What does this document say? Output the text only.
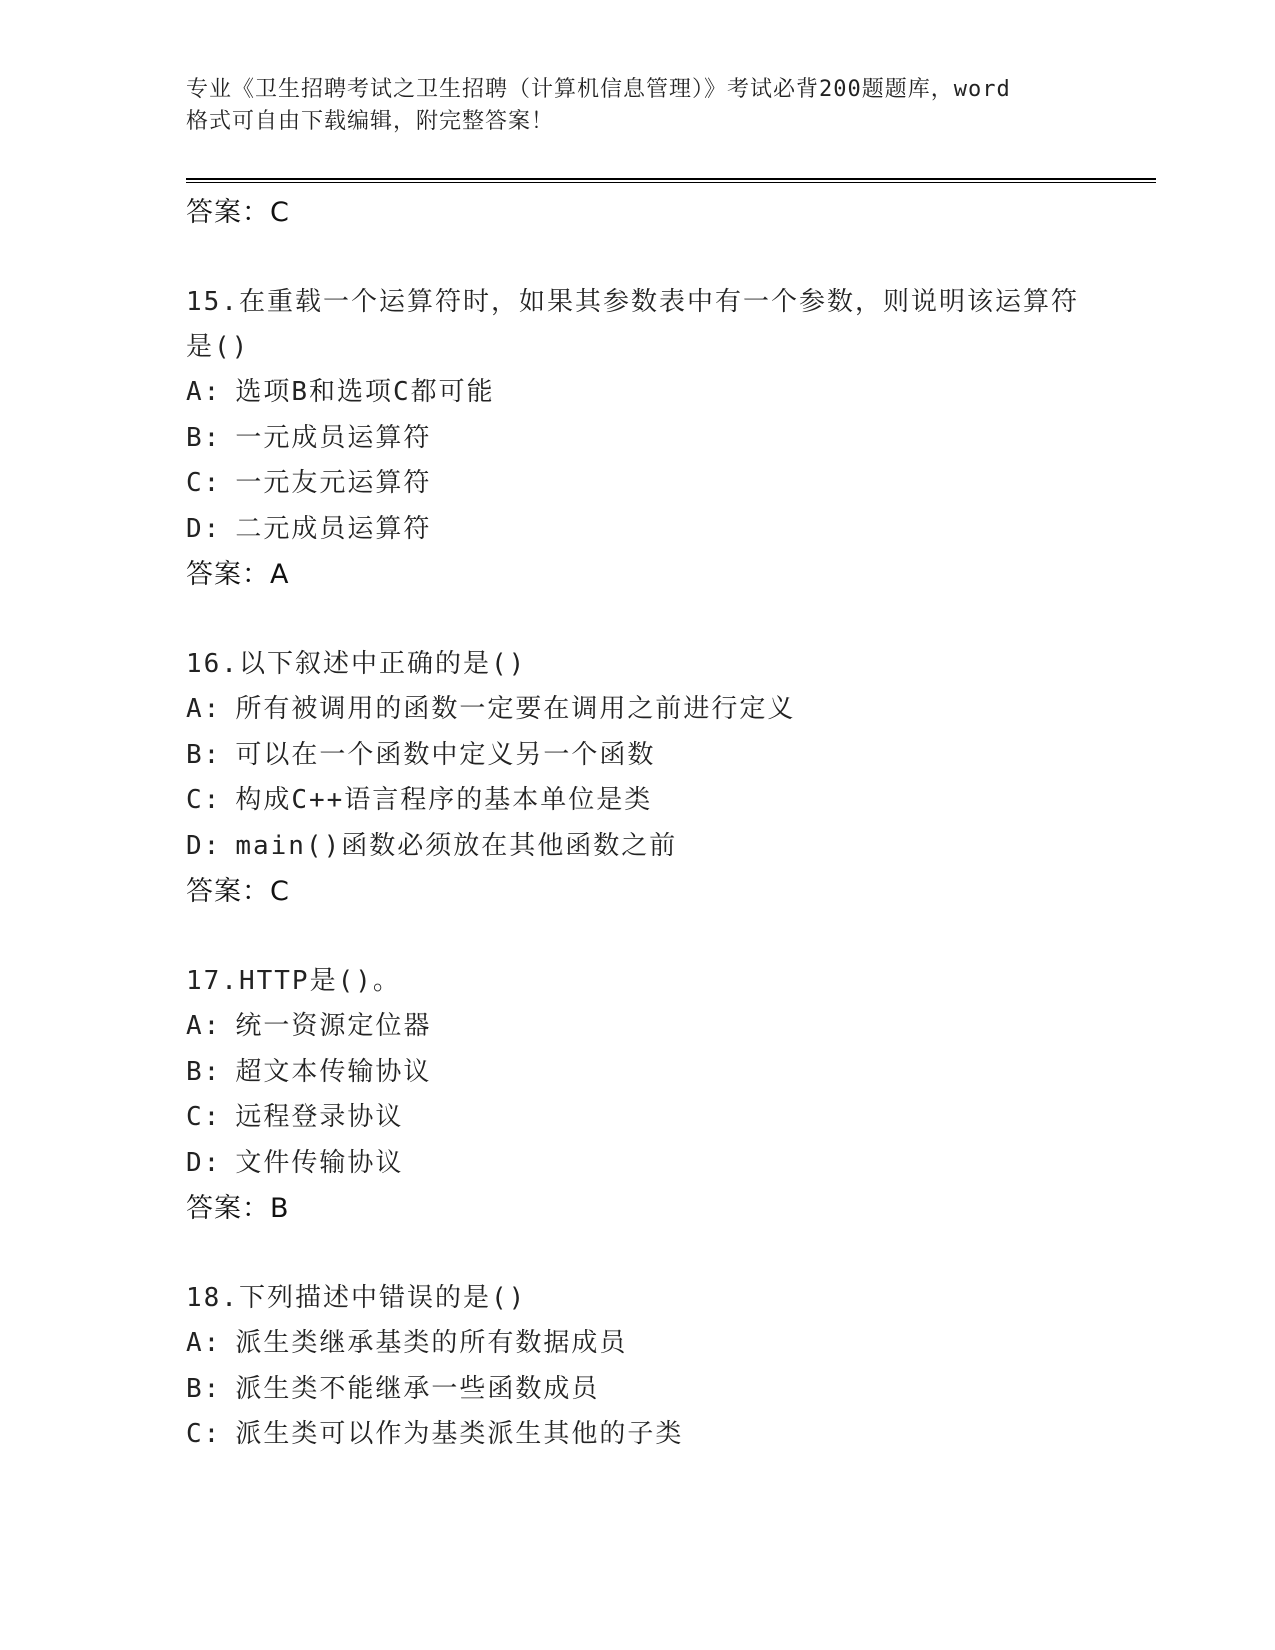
专业《卫生招聘考试之卫生招聘（计算机信息管理）》考试必背200题题库，word
格式可自由下载编辑，附完整答案！
答案：C
15.在重载一个运算符时，如果其参数表中有一个参数，则说明该运算符是()
A: 选项B和选项C都可能
B: 一元成员运算符
C: 一元友元运算符
D: 二元成员运算符
答案：A
16.以下叙述中正确的是()
A: 所有被调用的函数一定要在调用之前进行定义
B: 可以在一个函数中定义另一个函数
C: 构成C++语言程序的基本单位是类
D: main()函数必须放在其他函数之前
答案：C
17.HTTP是()。
A: 统一资源定位器
B: 超文本传输协议
C: 远程登录协议
D: 文件传输协议
答案：B
18.下列描述中错误的是()
A: 派生类继承基类的所有数据成员
B: 派生类不能继承一些函数成员
C: 派生类可以作为基类派生其他的子类
